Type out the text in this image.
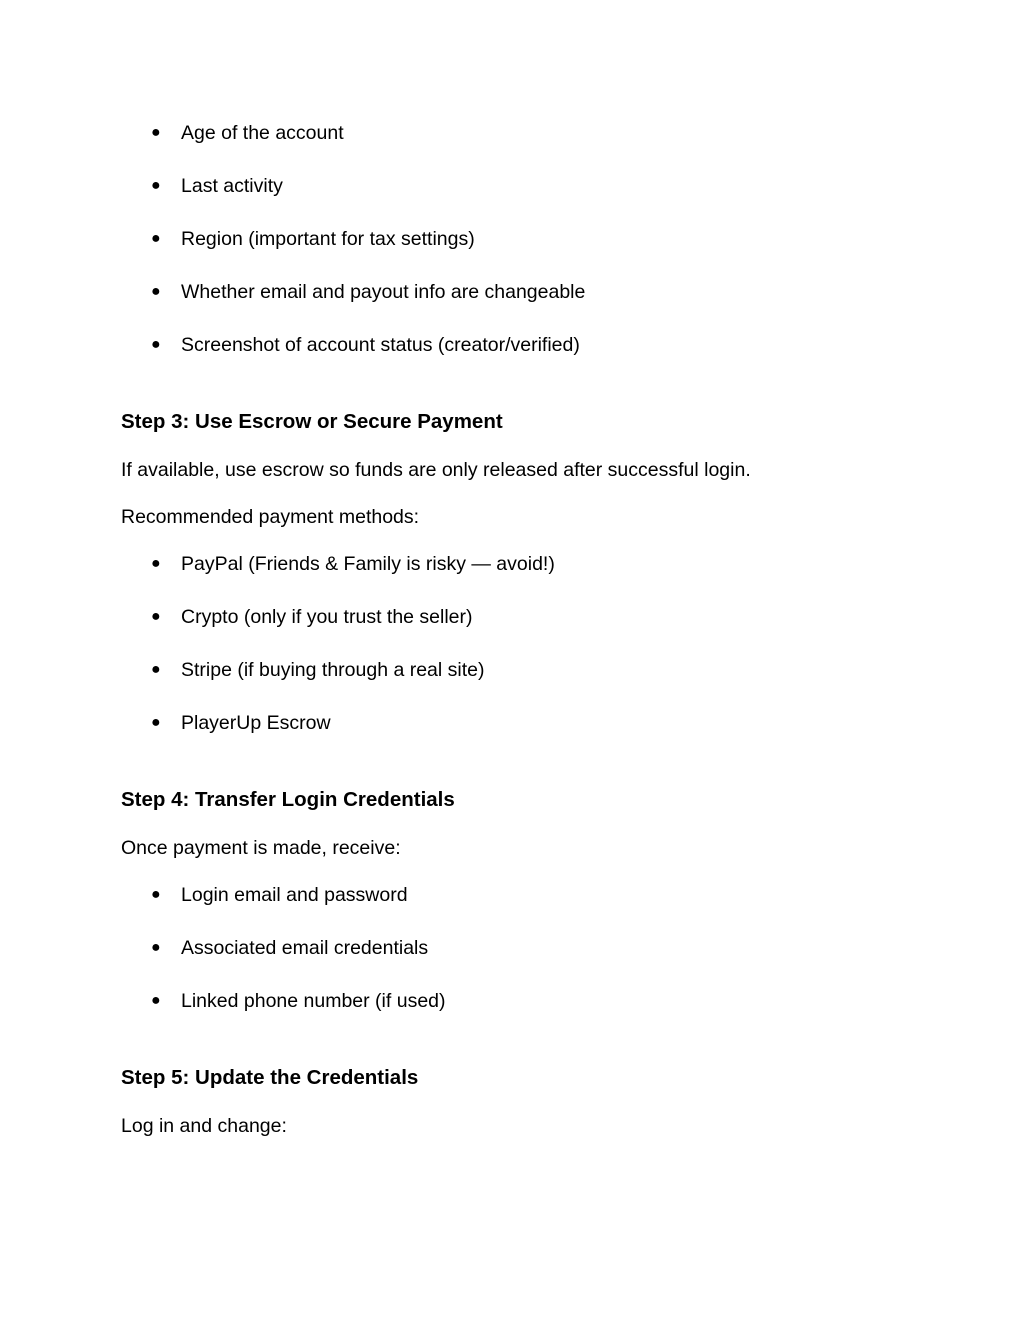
● Age of the account
● Last activity
● Region (important for tax settings)
● Whether email and payout info are changeable
● Screenshot of account status (creator/verified)
Step 3: Use Escrow or Secure Payment
If available, use escrow so funds are only released after successful login.
Recommended payment methods:
● PayPal (Friends & Family is risky — avoid!)
● Crypto (only if you trust the seller)
● Stripe (if buying through a real site)
● PlayerUp Escrow
Step 4: Transfer Login Credentials
Once payment is made, receive:
● Login email and password
● Associated email credentials
● Linked phone number (if used)
Step 5: Update the Credentials
Log in and change:
